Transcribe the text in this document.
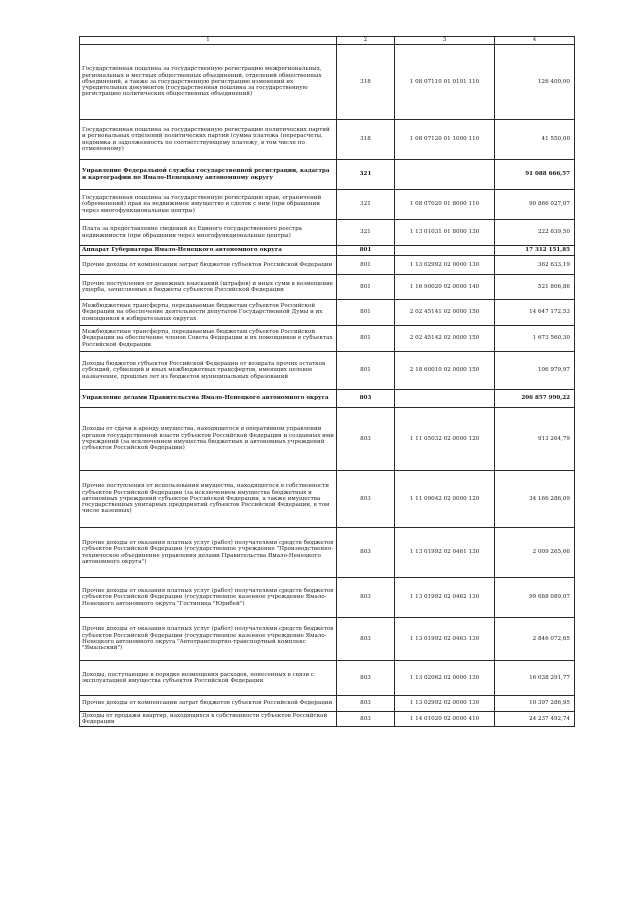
1	2	3	4
Государственная пошлина за государственную регистрацию межрегиональных, региональных и местных общественных объединений, отделений общественных объединений, а также за государственную регистрацию изменений их учредительных документов (государственная пошлина за государственную регистрацию политических общественных объединений)	318	1 08 07110 01 0101 110	126 400,00
Государственная пошлина за государственную регистрацию политических партий и региональных отделений политических партий (сумма платежа (перерасчеты, недоимка и задолженность по соответствующему платежу, в том числе по отмененному)	318	1 08 07120 01 1000 110	41 550,00
Управление Федеральной службы государственной регистрации, кадастра и картографии по Ямало-Ненецкому автономному округу	321		91 088 666,57
Государственная пошлина за государственную регистрацию прав, ограничений (обременений) прав на недвижимое имущество и сделок с ним (при обращении через многофункциональные центры)	321	1 08 07020 01 8000 110	90 866 027,07
Плата за предоставление сведений из Единого государственного реестра недвижимости (при обращении через многофункциональные центры)	321	1 13 01031 01 8000 130	222 639,50
Аппарат Губернатора Ямало-Ненецкого автономного округа	801		17 312 151,85
Прочие доходы от компенсации затрат бюджетов субъектов Российской Федерации	801	1 13 02992 02 0000 130	362 633,19
Прочие поступления от денежных взысканий (штрафов) и иных сумм в возмещение ущерба, зачисляемые в бюджеты субъектов Российской Федерации	801	1 16 90020 02 0000 140	521 806,86
Межбюджетные трансферты, передаваемые бюджетам субъектов Российской Федерации на обеспечение деятельности депутатов Государственной Думы и их помощников в избирательных округах	801	2 02 45141 02 0000 150	14 647 172,53
Межбюджетные трансферты, передаваемые бюджетам субъектов Российской Федерации на обеспечение членов Совета Федерации и их помощников в субъектах Российской Федерации	801	2 02 45142 02 0000 150	1 673 560,30
Доходы бюджетов субъектов Российской Федерации от возврата прочих остатков субсидий, субвенций и иных межбюджетных трансфертов, имеющих целевое назначение, прошлых лет из бюджетов муниципальных образований	801	2 18 60010 02 0000 150	106 979,97
Управление делами Правительства Ямало-Ненецкого автономного округа	803		206 857 990,22
Доходы от сдачи в аренду имущества, находящегося в оперативном управлении органов государственной власти субъектов Российской Федерации и созданных ими учреждений (за исключением имущества бюджетных и автономных учреждений субъектов Российской Федерации)	803	1 11 05032 02 0000 120	913 264,79
Прочие поступления от использования имущества, находящегося в собственности субъектов Российской Федерации (за исключением имущества бюджетных и автономных учреждений субъектов Российской Федерации, а также имущества государственных унитарных предприятий субъектов Российской Федерации, в том числе казенных)	803	1 11 09042 02 0000 120	34 166 286,09
Прочие доходы от оказания платных услуг (работ) получателями средств бюджетов субъектов Российской Федерации (государственное учреждение "Производственно-техническое объединение управления делами Правительства Ямало-Ненецкого автономного округа")	803	1 13 01992 02 0461 130	2 009 265,66
Прочие доходы от оказания платных услуг (работ) получателями средств бюджетов субъектов Российской Федерации (государственное казенное учреждение Ямало-Ненецкого автономного округа "Гостиница "Юрибей")	803	1 13 01992 02 0462 130	99 688 089,07
Прочие доходы от оказания платных услуг (работ) получателями средств бюджетов субъектов Российской Федерации (государственное казенное учреждение Ямало-Ненецкого автономного округа "Автотранспортно-транспортный комплекс "Ямальский")	803	1 13 01992 02 0463 130	2 846 072,65
Доходы, поступающие в порядке возмещения расходов, понесенных в связи с эксплуатацией имущества субъектов Российской Федерации	803	1 13 02062 02 0000 130	16 038 291,77
Прочие доходы от компенсации затрат бюджетов субъектов Российской Федерации	803	1 13 02992 02 0000 130	10 397 286,95
Доходы от продажи квартир, находящихся в собственности субъектов Российской Федерации	803	1 14 01020 02 0000 410	24 237 492,74
